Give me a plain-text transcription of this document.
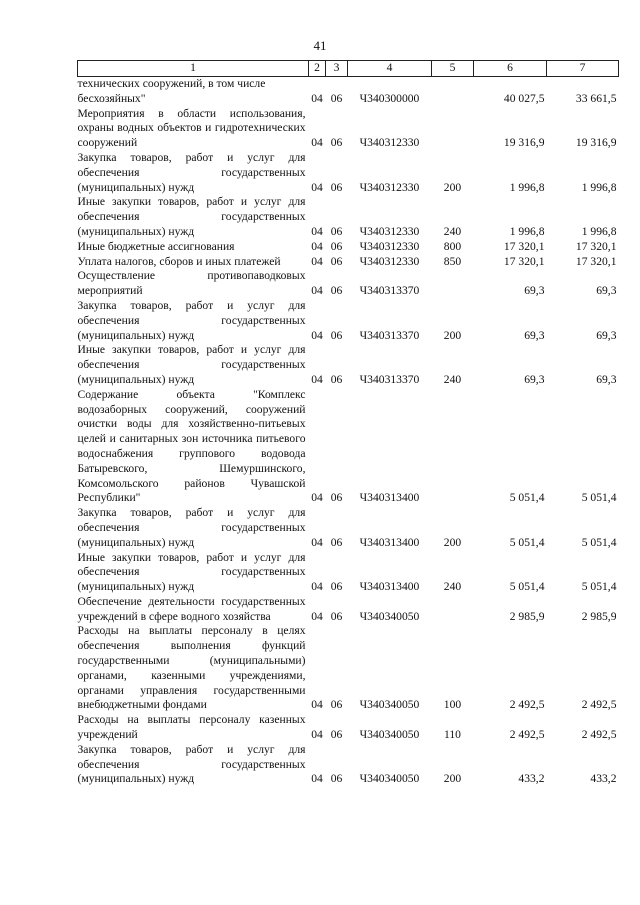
41
1	2	3	4	5	6	7
технических сооружений, в том числе
бесхозяйных"	04	06	Ч340300000		40 027,5	33 661,5
Мероприятия в области использования, охраны водных объектов и гидротехнических сооружений	04	06	Ч340312330		19 316,9	19 316,9
Закупка товаров, работ и услуг для обеспечения государственных (муниципальных) нужд	04	06	Ч340312330	200	1 996,8	1 996,8
Иные закупки товаров, работ и услуг для обеспечения государственных (муниципальных) нужд	04	06	Ч340312330	240	1 996,8	1 996,8
Иные бюджетные ассигнования	04	06	Ч340312330	800	17 320,1	17 320,1
Уплата налогов, сборов и иных платежей	04	06	Ч340312330	850	17 320,1	17 320,1
Осуществление противопаводковых мероприятий	04	06	Ч340313370		69,3	69,3
Закупка товаров, работ и услуг для обеспечения государственных (муниципальных) нужд	04	06	Ч340313370	200	69,3	69,3
Иные закупки товаров, работ и услуг для обеспечения государственных (муниципальных) нужд	04	06	Ч340313370	240	69,3	69,3
Содержание объекта "Комплекс водозаборных сооружений, сооружений очистки воды для хозяйственно-питьевых целей и санитарных зон источника питьевого водоснабжения группового водовода Батыревского, Шемуршинского, Комсомольского районов Чувашской Республики"	04	06	Ч340313400		5 051,4	5 051,4
Закупка товаров, работ и услуг для обеспечения государственных (муниципальных) нужд	04	06	Ч340313400	200	5 051,4	5 051,4
Иные закупки товаров, работ и услуг для обеспечения государственных (муниципальных) нужд	04	06	Ч340313400	240	5 051,4	5 051,4
Обеспечение деятельности государственных учреждений в сфере водного хозяйства	04	06	Ч340340050		2 985,9	2 985,9
Расходы на выплаты персоналу в целях обеспечения выполнения функций государственными (муниципальными) органами, казенными учреждениями, органами управления государственными внебюджетными фондами	04	06	Ч340340050	100	2 492,5	2 492,5
Расходы на выплаты персоналу казенных учреждений	04	06	Ч340340050	110	2 492,5	2 492,5
Закупка товаров, работ и услуг для обеспечения государственных (муниципальных) нужд	04	06	Ч340340050	200	433,2	433,2
